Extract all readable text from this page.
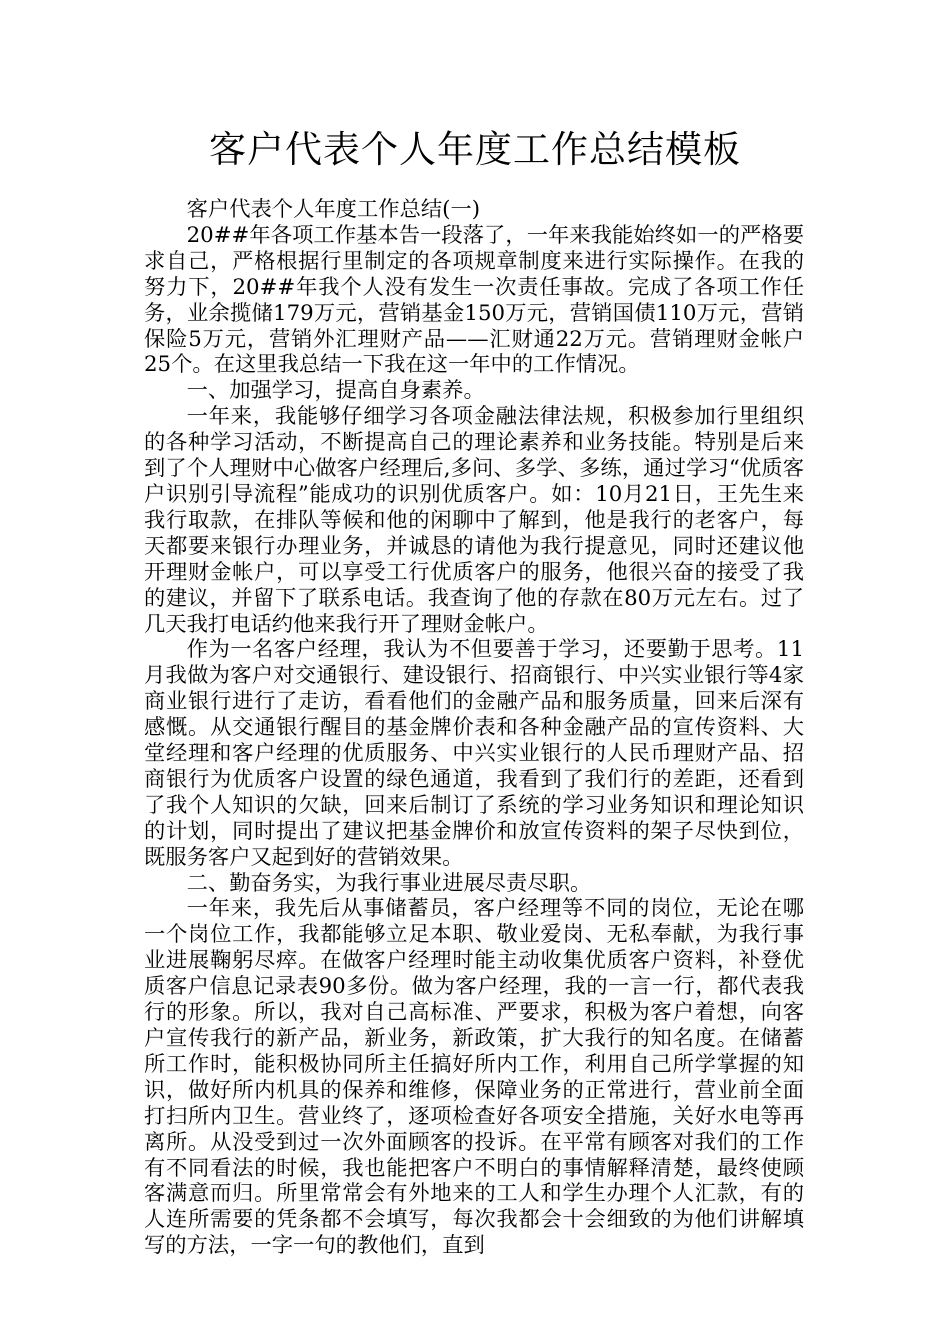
客户代表个人年度工作总结模板

客户代表个人年度工作总结(一)

20##年各项工作基本告一段落了，一年来我能始终如一的严格要求自己，严格根据行里制定的各项规章制度来进行实际操作。在我的努力下，20##年我个人没有发生一次责任事故。完成了各项工作任务，业余揽储179万元，营销基金150万元，营销国债110万元，营销保险5万元，营销外汇理财产品——汇财通22万元。营销理财金帐户25个。在这里我总结一下我在这一年中的工作情况。

一、加强学习，提高自身素养。

一年来，我能够仔细学习各项金融法律法规，积极参加行里组织的各种学习活动，不断提高自己的理论素养和业务技能。特别是后来到了个人理财中心做客户经理后,多问、多学、多练，通过学习“优质客户识别引导流程”能成功的识别优质客户。如：10月21日，王先生来我行取款，在排队等候和他的闲聊中了解到，他是我行的老客户，每天都要来银行办理业务，并诚恳的请他为我行提意见，同时还建议他开理财金帐户，可以享受工行优质客户的服务，他很兴奋的接受了我的建议，并留下了联系电话。我查询了他的存款在80万元左右。过了几天我打电话约他来我行开了理财金帐户。

作为一名客户经理，我认为不但要善于学习，还要勤于思考。11月我做为客户对交通银行、建设银行、招商银行、中兴实业银行等4家商业银行进行了走访，看看他们的金融产品和服务质量，回来后深有感慨。从交通银行醒目的基金牌价表和各种金融产品的宣传资料、大堂经理和客户经理的优质服务、中兴实业银行的人民币理财产品、招商银行为优质客户设置的绿色通道，我看到了我们行的差距，还看到了我个人知识的欠缺，回来后制订了系统的学习业务知识和理论知识的计划，同时提出了建议把基金牌价和放宣传资料的架子尽快到位，既服务客户又起到好的营销效果。

二、勤奋务实，为我行事业进展尽责尽职。

一年来，我先后从事储蓄员，客户经理等不同的岗位，无论在哪一个岗位工作，我都能够立足本职、敬业爱岗、无私奉献，为我行事业进展鞠躬尽瘁。在做客户经理时能主动收集优质客户资料，补登优质客户信息记录表90多份。做为客户经理，我的一言一行，都代表我行的形象。所以，我对自己高标准、严要求，积极为客户着想，向客户宣传我行的新产品，新业务，新政策，扩大我行的知名度。在储蓄所工作时，能积极协同所主任搞好所内工作，利用自己所学掌握的知识，做好所内机具的保养和维修，保障业务的正常进行，营业前全面打扫所内卫生。营业终了，逐项检查好各项安全措施，关好水电等再离所。从没受到过一次外面顾客的投诉。在平常有顾客对我们的工作有不同看法的时候，我也能把客户不明白的事情解释清楚，最终使顾客满意而归。所里常常会有外地来的工人和学生办理个人汇款，有的人连所需要的凭条都不会填写，每次我都会十会细致的为他们讲解填写的方法，一字一句的教他们，直到
